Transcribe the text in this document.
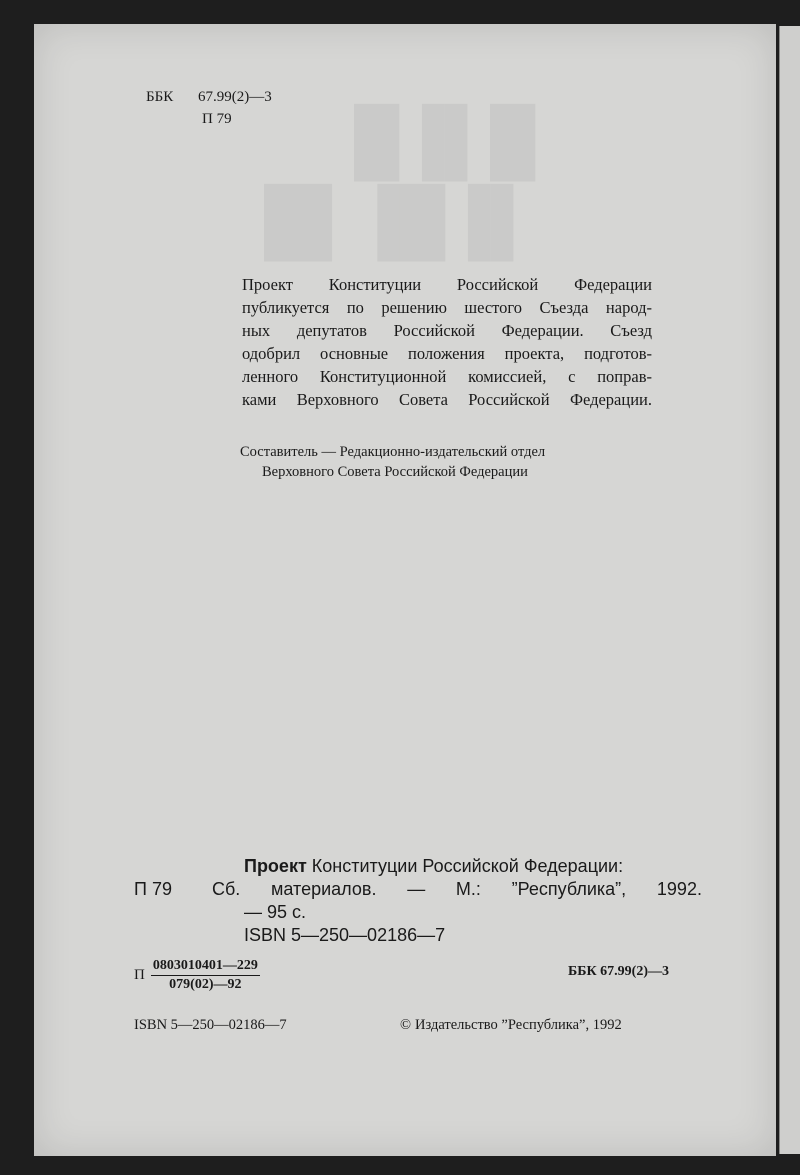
█▐▌█
█▌▐█▐▌
ББК	67.99(2)—3
П 79
Проект Конституции Российской Федерации
публикуется по решению шестого Съезда народ-
ных депутатов Российской Федерации. Съезд
одобрил основные положения проекта, подготов-
ленного Конституционной комиссией, с поправ-
ками Верховного Совета Российской Федерации.
Составитель — Редакционно-издательский отдел
Верховного Совета Российской Федерации
Проект Конституции Российской Федерации:
П 79 Сб. материалов. — М.: ”Республика”, 1992.
— 95 с.
ISBN 5—250—02186—7
П $\frac{0803010401—229}{079(02)—92}$	ББК 67.99(2)—3
ISBN 5—250—02186—7	© Издательство ”Республика”, 1992
